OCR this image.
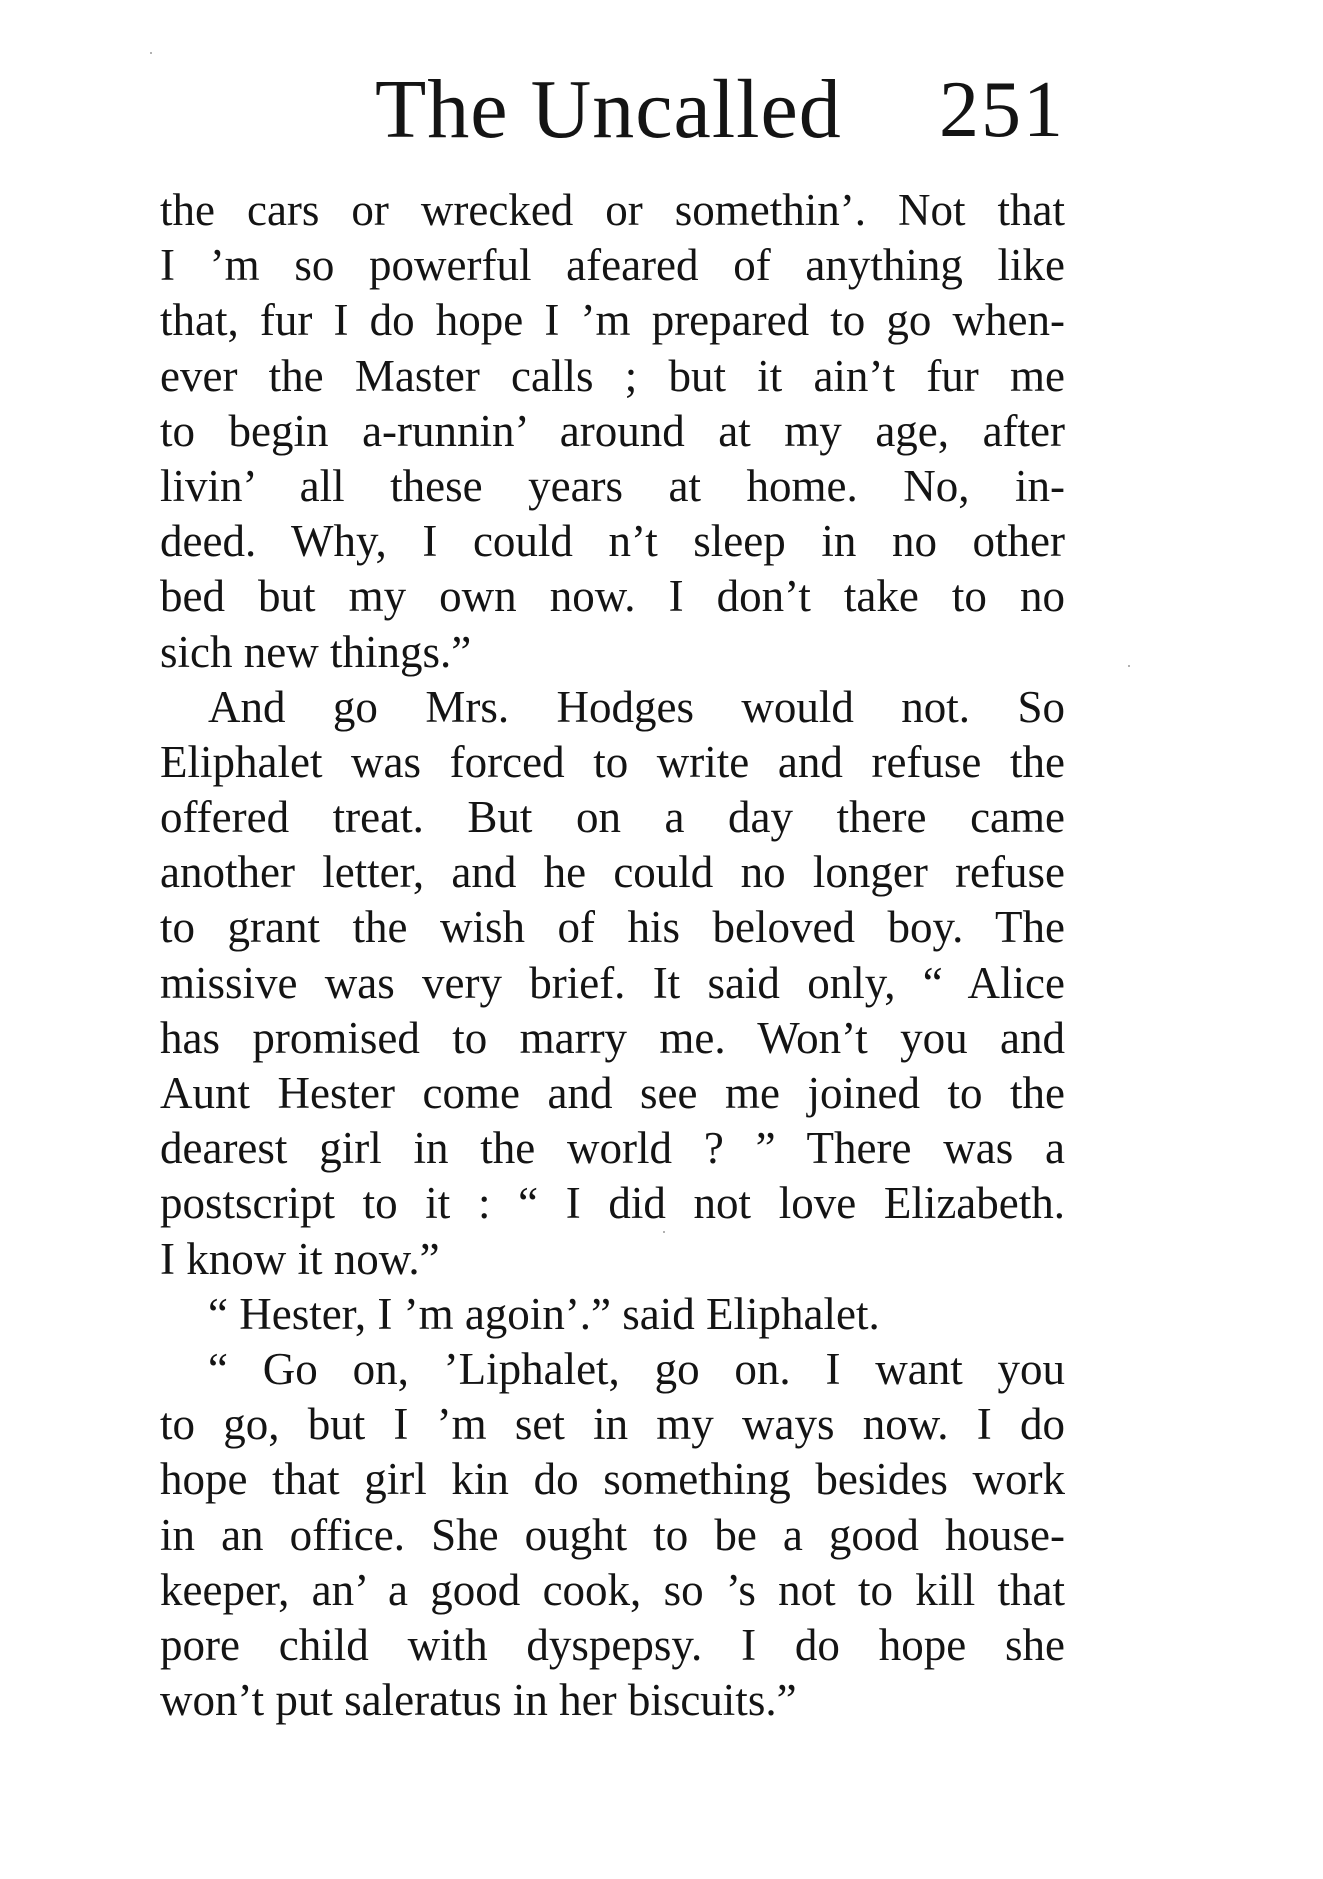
The Uncalled 251
the cars or wrecked or somethin’. Not that
I ’m so powerful afeared of anything like
that, fur I do hope I ’m prepared to go when-
ever the Master calls ; but it ain’t fur me
to begin a-runnin’ around at my age, after
livin’ all these years at home. No, in-
deed. Why, I could n’t sleep in no other
bed but my own now. I don’t take to no
sich new things.”
And go Mrs. Hodges would not. So
Eliphalet was forced to write and refuse the
offered treat. But on a day there came
another letter, and he could no longer refuse
to grant the wish of his beloved boy. The
missive was very brief. It said only, “ Alice
has promised to marry me. Won’t you and
Aunt Hester come and see me joined to the
dearest girl in the world ? ” There was a
postscript to it : “ I did not love Elizabeth.
I know it now.”
“ Hester, I ’m agoin’.” said Eliphalet.
“ Go on, ’Liphalet, go on. I want you
to go, but I ’m set in my ways now. I do
hope that girl kin do something besides work
in an office. She ought to be a good house-
keeper, an’ a good cook, so ’s not to kill that
pore child with dyspepsy. I do hope she
won’t put saleratus in her biscuits.”
